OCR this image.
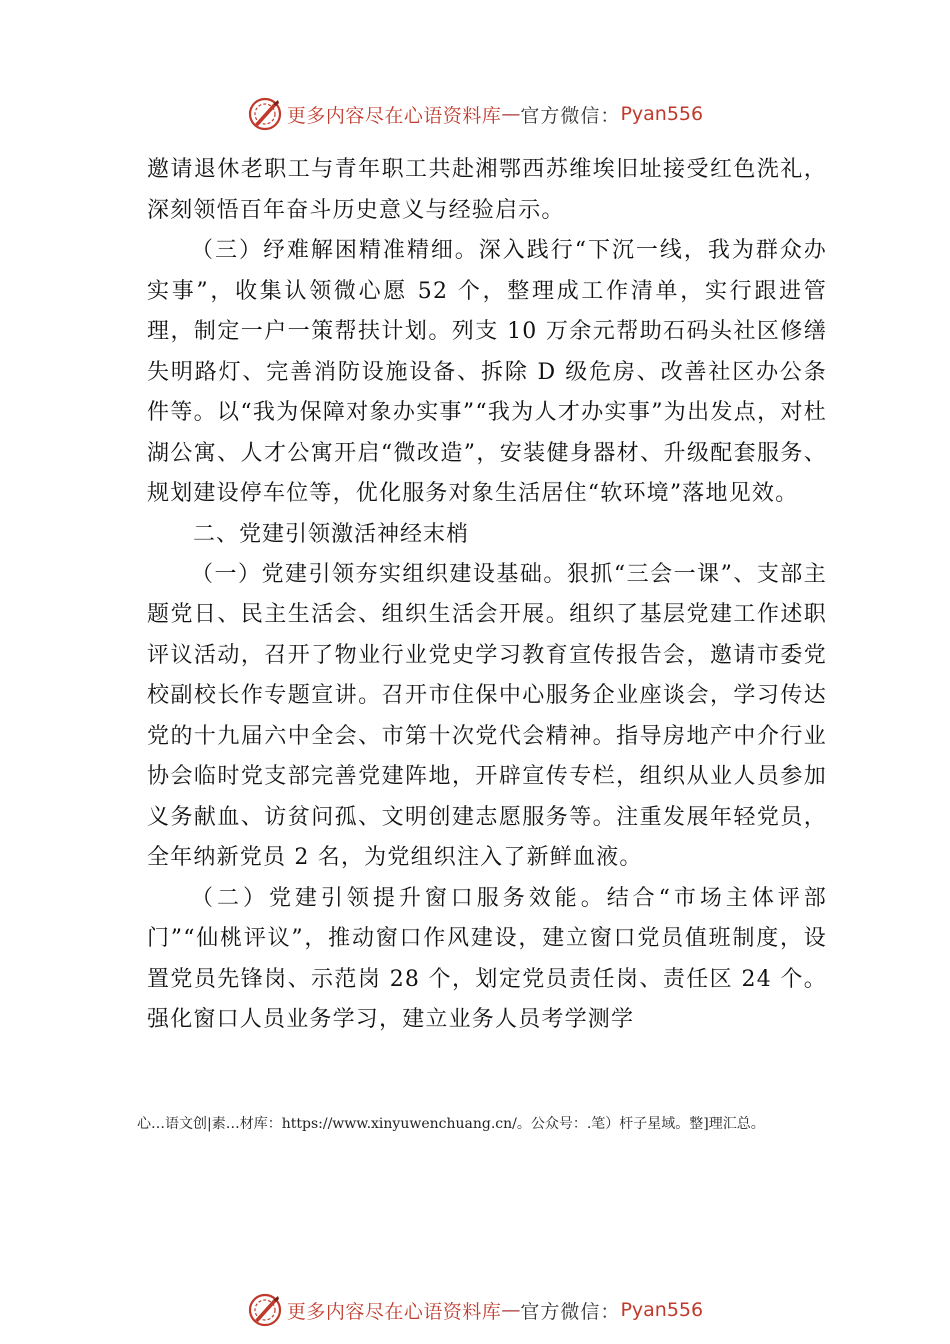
更多内容尽在心语资料库 — 官方微信： Pyan556

邀请退休老职工与青年职工共赴湘鄂西苏维埃旧址接受红色洗礼，深刻领悟百年奋斗历史意义与经验启示。

（三）纾难解困精准精细。深入践行“下沉一线，我为群众办实事”，收集认领微心愿 52 个，整理成工作清单，实行跟进管理，制定一户一策帮扶计划。列支 10 万余元帮助石码头社区修缮失明路灯、完善消防设施设备、拆除 D 级危房、改善社区办公条件等。以“我为保障对象办实事”“我为人才办实事”为出发点，对杜湖公寓、人才公寓开启“微改造”，安装健身器材、升级配套服务、规划建设停车位等，优化服务对象生活居住“软环境”落地见效。

二、党建引领激活神经末梢

（一）党建引领夯实组织建设基础。狠抓“三会一课”、支部主题党日、民主生活会、组织生活会开展。组织了基层党建工作述职评议活动，召开了物业行业党史学习教育宣传报告会，邀请市委党校副校长作专题宣讲。召开市住保中心服务企业座谈会，学习传达党的十九届六中全会、市第十次党代会精神。指导房地产中介行业协会临时党支部完善党建阵地，开辟宣传专栏，组织从业人员参加义务献血、访贫问孤、文明创建志愿服务等。注重发展年轻党员，全年纳新党员 2 名，为党组织注入了新鲜血液。

（二）党建引领提升窗口服务效能。结合“市场主体评部门”“仙桃评议”，推动窗口作风建设，建立窗口党员值班制度，设置党员先锋岗、示范岗 28 个，划定党员责任岗、责任区 24 个。强化窗口人员业务学习，建立业务人员考学测学

心…语文创|素…材库：https://www.xinyuwenchuang.cn/。公众号：.笔）杆子星域。整]理汇总。
更多内容尽在心语资料库 — 官方微信： Pyan556
